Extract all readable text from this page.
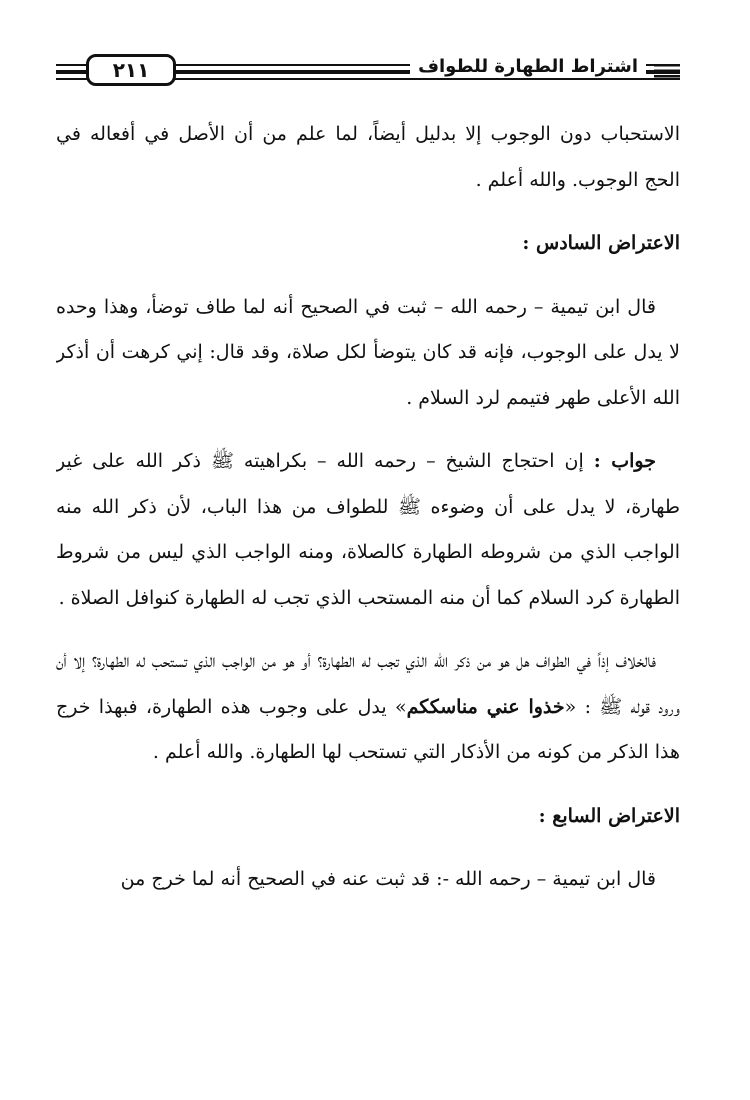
٢١١	اشتراط الطهارة للطواف

الاستحباب دون الوجوب إلا بدليل أيضاً، لما علم من أن الأصل في أفعاله في الحج الوجوب. والله أعلم .

الاعتراض السادس :

قال ابن تيمية – رحمه الله – ثبت في الصحيح أنه لما طاف توضأ، وهذا وحده لا يدل على الوجوب، فإنه قد كان يتوضأ لكل صلاة، وقد قال: إني كرهت أن أذكر الله الأعلى طهر فتيمم لرد السلام .

جواب : إن احتجاج الشيخ – رحمه الله – بكراهيته ﷺ ذكر الله على غير طهارة، لا يدل على أن وضوءه ﷺ للطواف من هذا الباب، لأن ذكر الله منه الواجب الذي من شروطه الطهارة كالصلاة، ومنه الواجب الذي ليس من شروط الطهارة كرد السلام كما أن منه المستحب الذي تجب له الطهارة كنوافل الصلاة .

فالخلاف إذاً في الطواف هل هو من ذكر الله الذي تجب له الطهارة؟ أو هو من الواجب الذي تستحب له الطهارة؟ إلا أن ورود قوله ﷺ : «خذوا عني مناسككم» يدل على وجوب هذه الطهارة، فبهذا خرج هذا الذكر من كونه من الأذكار التي تستحب لها الطهارة. والله أعلم .

الاعتراض السابع :

قال ابن تيمية – رحمه الله -: قد ثبت عنه في الصحيح أنه لما خرج من
